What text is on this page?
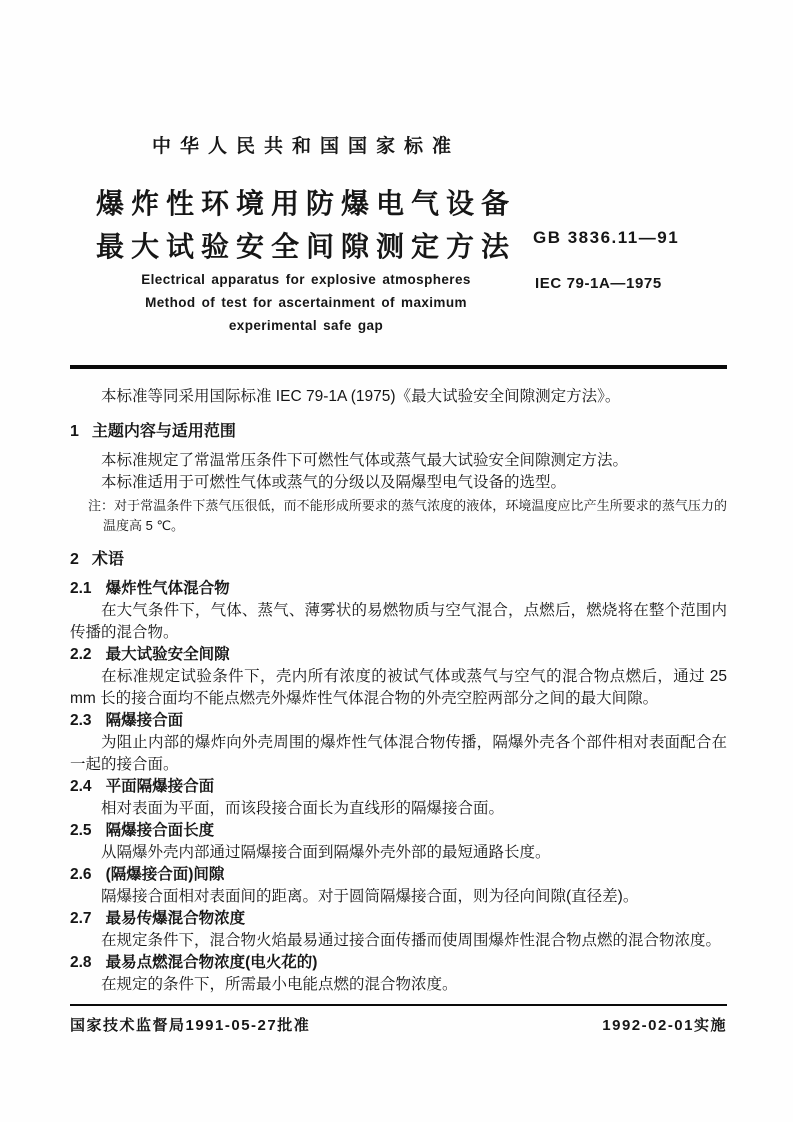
中华人民共和国国家标准
爆炸性环境用防爆电气设备
最大试验安全间隙测定方法
Electrical apparatus for explosive atmospheres
Method of test for ascertainment of maximum
experimental safe gap
GB 3836.11—91
IEC 79-1A—1975
本标准等同采用国际标准 IEC 79-1A (1975)《最大试验安全间隙测定方法》。
1 主题内容与适用范围
本标准规定了常温常压条件下可燃性气体或蒸气最大试验安全间隙测定方法。
本标准适用于可燃性气体或蒸气的分级以及隔爆型电气设备的选型。
注：对于常温条件下蒸气压很低，而不能形成所要求的蒸气浓度的液体，环境温度应比产生所要求的蒸气压力的温度高 5 ℃。
2 术语
2.1 爆炸性气体混合物
在大气条件下，气体、蒸气、薄雾状的易燃物质与空气混合，点燃后，燃烧将在整个范围内传播的混合物。
2.2 最大试验安全间隙
在标准规定试验条件下，壳内所有浓度的被试气体或蒸气与空气的混合物点燃后，通过 25 mm 长的接合面均不能点燃壳外爆炸性气体混合物的外壳空腔两部分之间的最大间隙。
2.3 隔爆接合面
为阻止内部的爆炸向外壳周围的爆炸性气体混合物传播，隔爆外壳各个部件相对表面配合在一起的接合面。
2.4 平面隔爆接合面
相对表面为平面，而该段接合面长为直线形的隔爆接合面。
2.5 隔爆接合面长度
从隔爆外壳内部通过隔爆接合面到隔爆外壳外部的最短通路长度。
2.6 (隔爆接合面)间隙
隔爆接合面相对表面间的距离。对于圆筒隔爆接合面，则为径向间隙(直径差)。
2.7 最易传爆混合物浓度
在规定条件下，混合物火焰最易通过接合面传播而使周围爆炸性混合物点燃的混合物浓度。
2.8 最易点燃混合物浓度(电火花的)
在规定的条件下，所需最小电能点燃的混合物浓度。
国家技术监督局1991-05-27批准	1992-02-01实施
